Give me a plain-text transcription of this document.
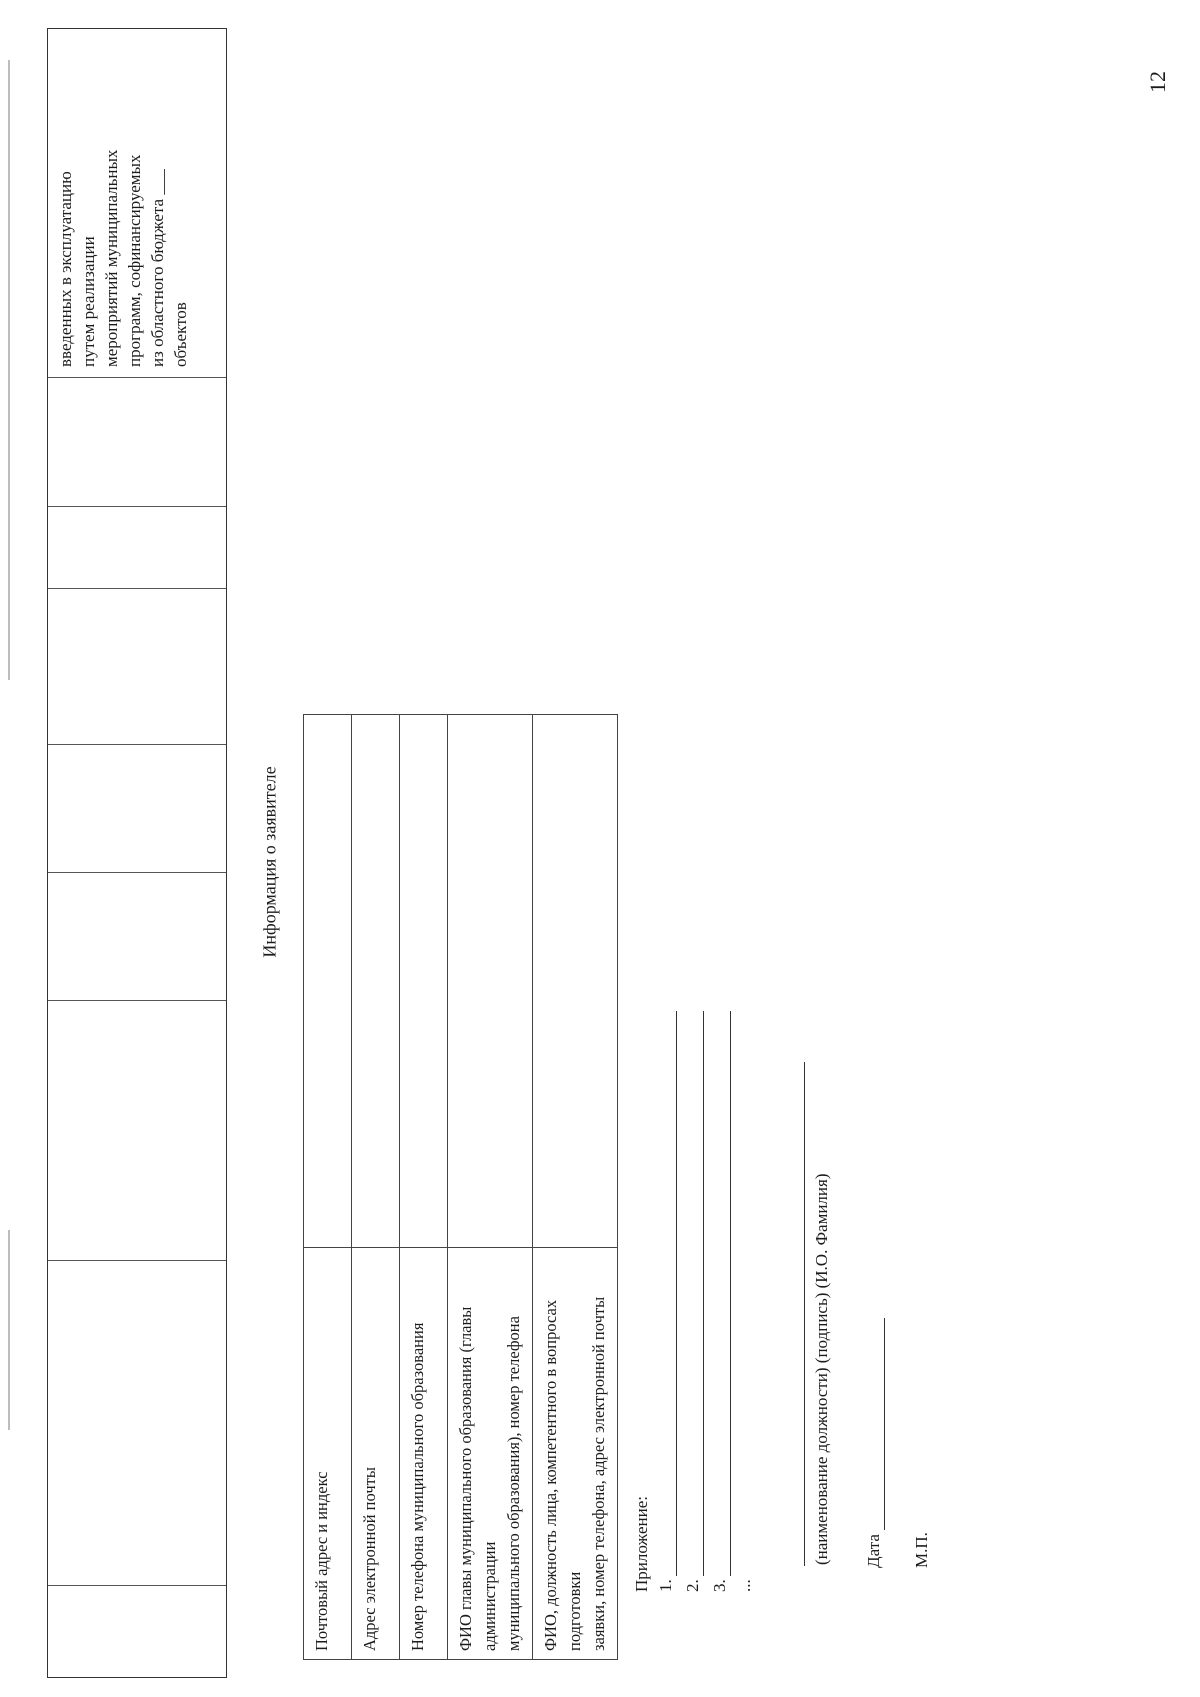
12
введенных в эксплуатацию путем реализации мероприятий муниципальных программ, софинансируемых из областного бюджета ___ объектов
Информация о заявителе
Почтовый адрес и индекс	

Адрес электронной почты	

Номер телефона муниципального образования	

ФИО главы муниципального образования (главы администрации муниципального образования), номер телефона	

ФИО, должность лица, компетентного в вопросах подготовки заявки, номер телефона, адрес электронной почты	
	Приложение: 1. 2. 3. ...
(наименование должности) (подпись) (И.О. Фамилия) Дата М.П.
